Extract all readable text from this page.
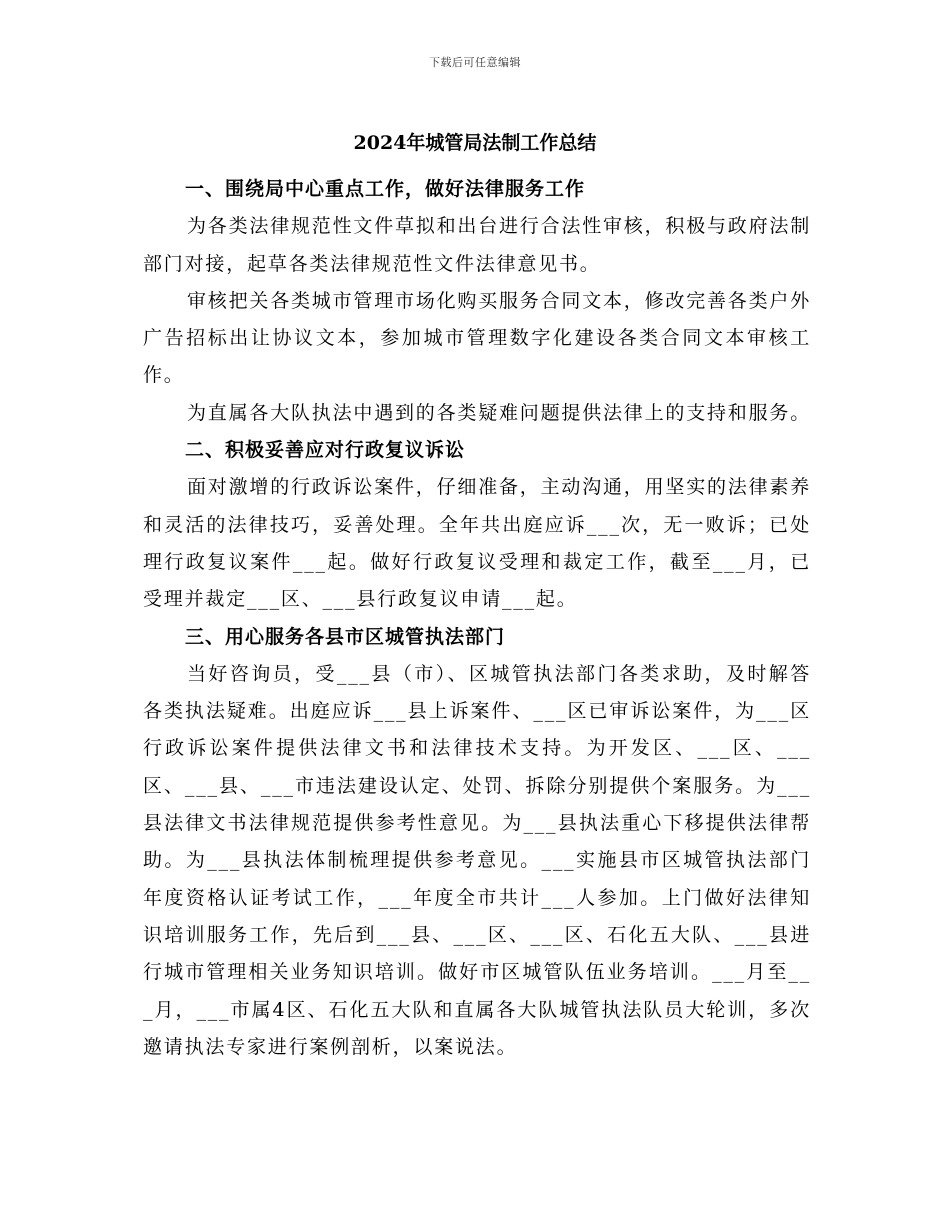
下载后可任意编辑
2024年城管局法制工作总结

一、围绕局中心重点工作，做好法律服务工作

为各类法律规范性文件草拟和出台进行合法性审核，积极与政府法制部门对接，起草各类法律规范性文件法律意见书。

审核把关各类城市管理市场化购买服务合同文本，修改完善各类户外广告招标出让协议文本，参加城市管理数字化建设各类合同文本审核工作。

为直属各大队执法中遇到的各类疑难问题提供法律上的支持和服务。

二、积极妥善应对行政复议诉讼

面对激增的行政诉讼案件，仔细准备，主动沟通，用坚实的法律素养和灵活的法律技巧，妥善处理。全年共出庭应诉___次，无一败诉；已处理行政复议案件___起。做好行政复议受理和裁定工作，截至___月，已受理并裁定___区、___县行政复议申请___起。

三、用心服务各县市区城管执法部门

当好咨询员，受___县（市）、区城管执法部门各类求助，及时解答各类执法疑难。出庭应诉___县上诉案件、___区已审诉讼案件，为___区行政诉讼案件提供法律文书和法律技术支持。为开发区、___区、___区、___县、___市违法建设认定、处罚、拆除分别提供个案服务。为___县法律文书法律规范提供参考性意见。为___县执法重心下移提供法律帮助。为___县执法体制梳理提供参考意见。___实施县市区城管执法部门年度资格认证考试工作，___年度全市共计___人参加。上门做好法律知识培训服务工作，先后到___县、___区、___区、石化五大队、___县进行城市管理相关业务知识培训。做好市区城管队伍业务培训。___月至___月，___市属4区、石化五大队和直属各大队城管执法队员大轮训，多次邀请执法专家进行案例剖析，以案说法。
